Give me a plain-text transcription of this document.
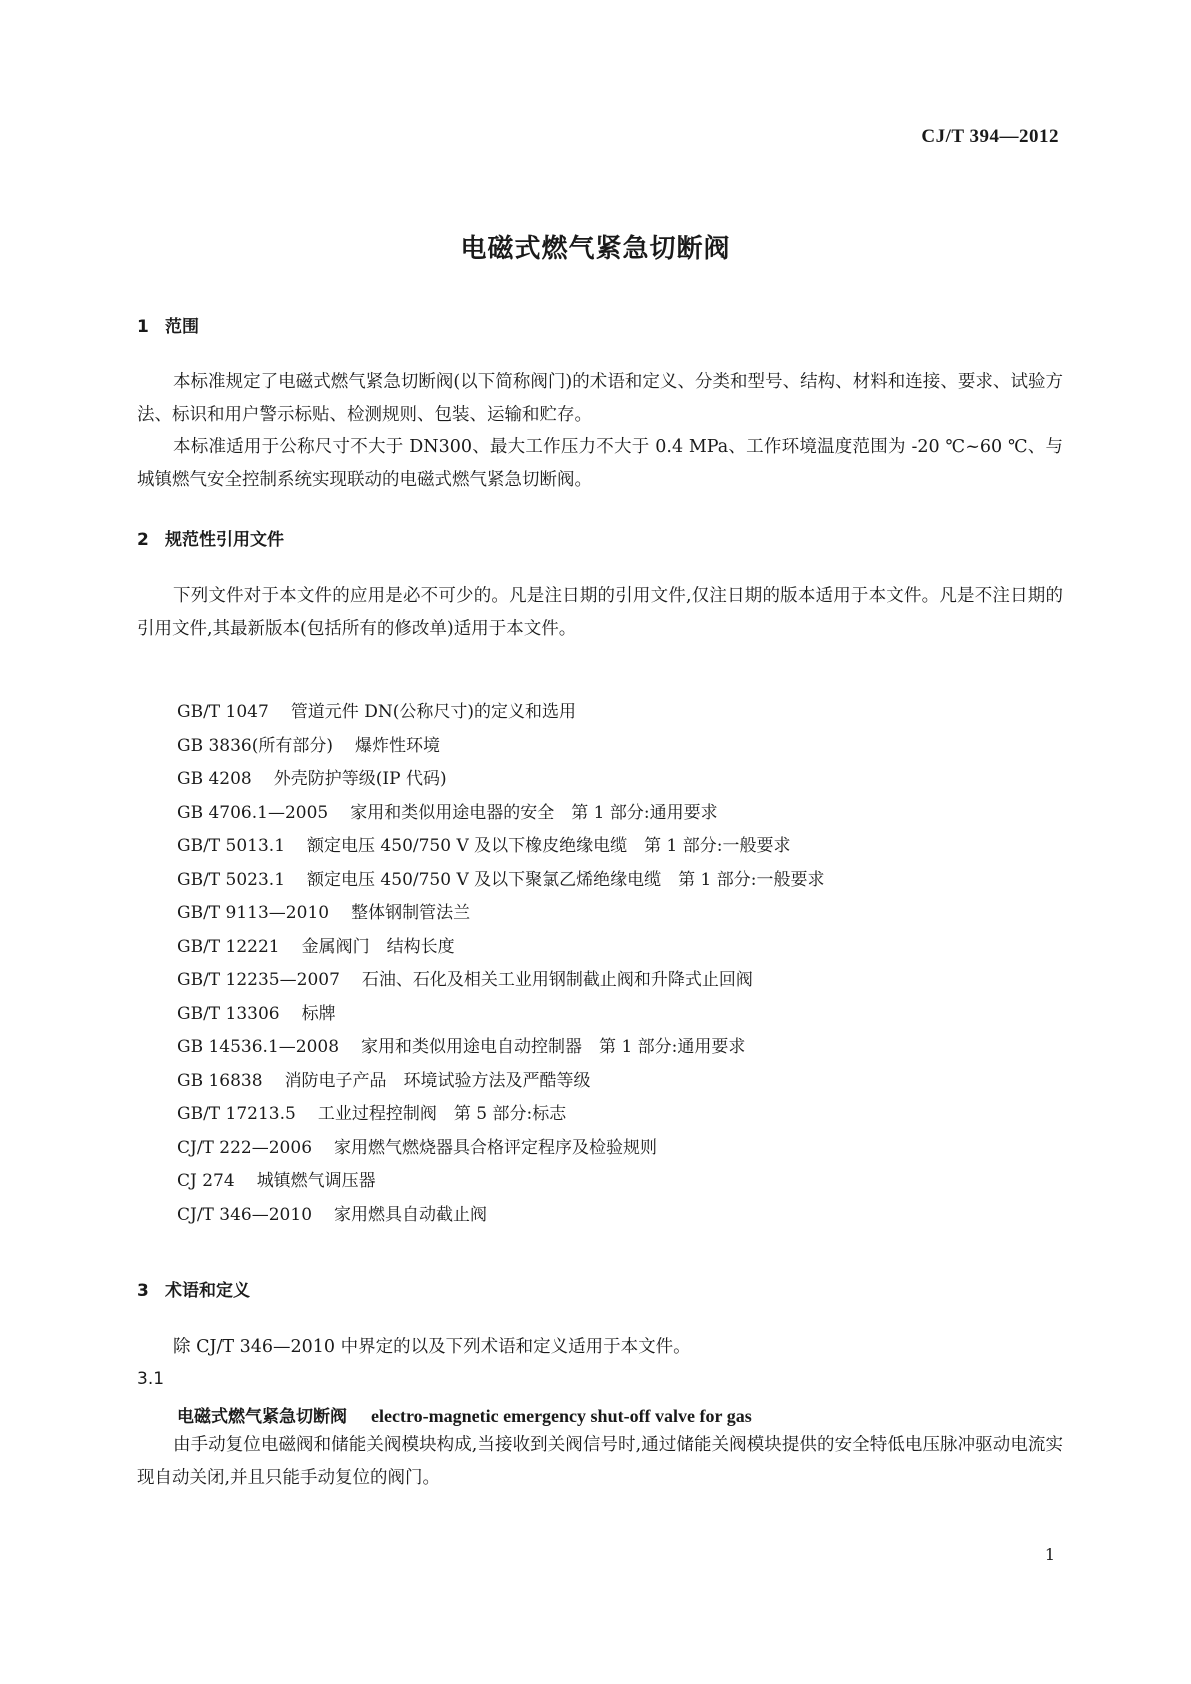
CJ/T 394—2012
电磁式燃气紧急切断阀
1 范围
本标准规定了电磁式燃气紧急切断阀(以下简称阀门)的术语和定义、分类和型号、结构、材料和连接、要求、试验方法、标识和用户警示标贴、检测规则、包装、运输和贮存。
本标准适用于公称尺寸不大于 DN300、最大工作压力不大于 0.4 MPa、工作环境温度范围为 -20 ℃~60 ℃、与城镇燃气安全控制系统实现联动的电磁式燃气紧急切断阀。
2 规范性引用文件
下列文件对于本文件的应用是必不可少的。凡是注日期的引用文件,仅注日期的版本适用于本文件。凡是不注日期的引用文件,其最新版本(包括所有的修改单)适用于本文件。
GB/T 1047 管道元件 DN(公称尺寸)的定义和选用
GB 3836(所有部分) 爆炸性环境
GB 4208 外壳防护等级(IP 代码)
GB 4706.1—2005 家用和类似用途电器的安全　第 1 部分:通用要求
GB/T 5013.1 额定电压 450/750 V 及以下橡皮绝缘电缆　第 1 部分:一般要求
GB/T 5023.1 额定电压 450/750 V 及以下聚氯乙烯绝缘电缆　第 1 部分:一般要求
GB/T 9113—2010 整体钢制管法兰
GB/T 12221 金属阀门　结构长度
GB/T 12235—2007 石油、石化及相关工业用钢制截止阀和升降式止回阀
GB/T 13306 标牌
GB 14536.1—2008 家用和类似用途电自动控制器　第 1 部分:通用要求
GB 16838 消防电子产品　环境试验方法及严酷等级
GB/T 17213.5 工业过程控制阀　第 5 部分:标志
CJ/T 222—2006 家用燃气燃烧器具合格评定程序及检验规则
CJ 274 城镇燃气调压器
CJ/T 346—2010 家用燃具自动截止阀
3 术语和定义
除 CJ/T 346—2010 中界定的以及下列术语和定义适用于本文件。
3.1
电磁式燃气紧急切断阀 electro-magnetic emergency shut-off valve for gas
由手动复位电磁阀和储能关阀模块构成,当接收到关阀信号时,通过储能关阀模块提供的安全特低电压脉冲驱动电流实现自动关闭,并且只能手动复位的阀门。
1
